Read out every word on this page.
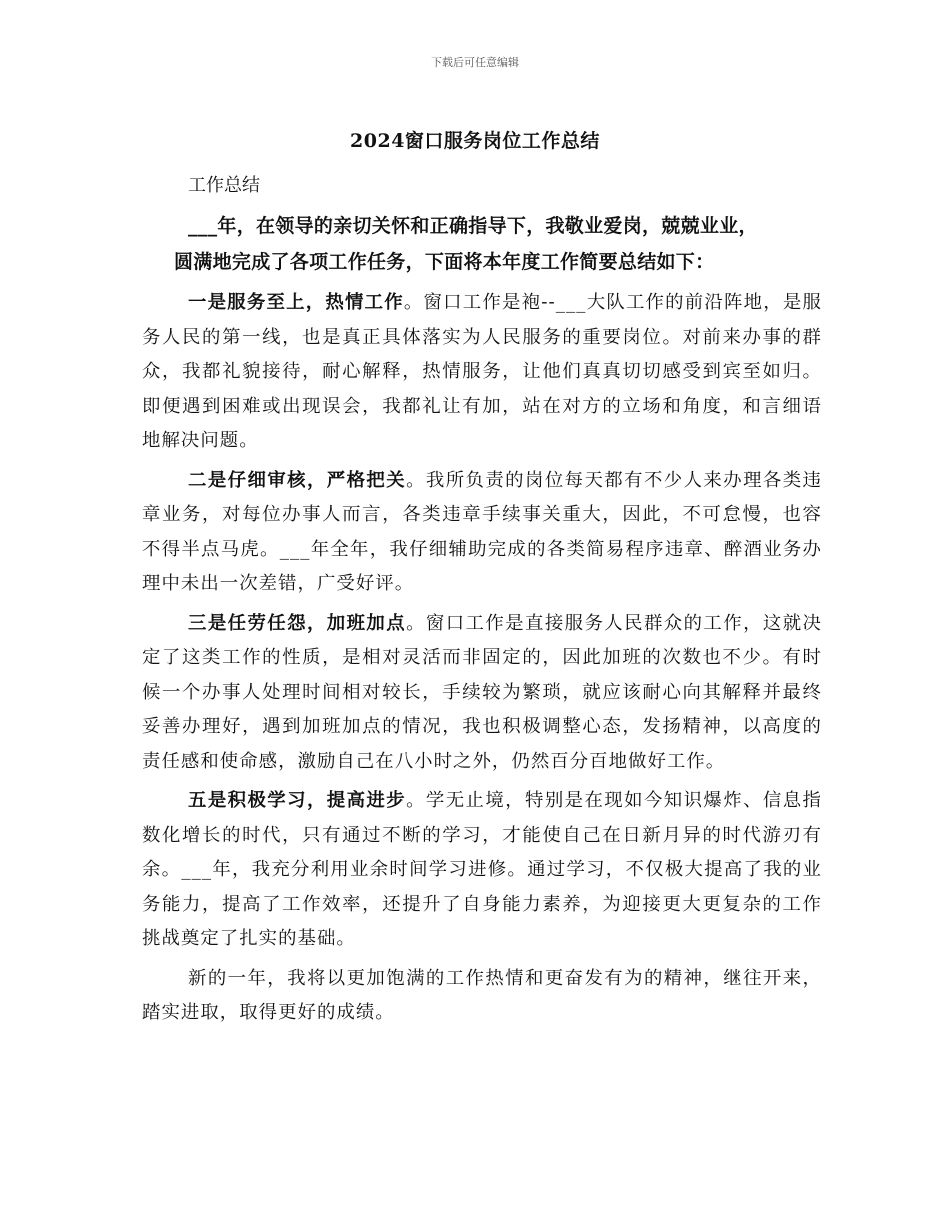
下载后可任意编辑
2024窗口服务岗位工作总结
工作总结
___年，在领导的亲切关怀和正确指导下，我敬业爱岗，兢兢业业，
圆满地完成了各项工作任务，下面将本年度工作简要总结如下：

一是服务至上，热情工作。窗口工作是袍--___大队工作的前沿阵地，是服务人民的第一线，也是真正具体落实为人民服务的重要岗位。对前来办事的群众，我都礼貌接待，耐心解释，热情服务，让他们真真切切感受到宾至如归。即便遇到困难或出现误会，我都礼让有加，站在对方的立场和角度，和言细语地解决问题。

二是仔细审核，严格把关。我所负责的岗位每天都有不少人来办理各类违章业务，对每位办事人而言，各类违章手续事关重大，因此，不可怠慢，也容不得半点马虎。___年全年，我仔细辅助完成的各类简易程序违章、醉酒业务办理中未出一次差错，广受好评。

三是任劳任怨，加班加点。窗口工作是直接服务人民群众的工作，这就决定了这类工作的性质，是相对灵活而非固定的，因此加班的次数也不少。有时候一个办事人处理时间相对较长，手续较为繁琐，就应该耐心向其解释并最终妥善办理好，遇到加班加点的情况，我也积极调整心态，发扬精神，以高度的责任感和使命感，激励自己在八小时之外，仍然百分百地做好工作。

五是积极学习，提高进步。学无止境，特别是在现如今知识爆炸、信息指数化增长的时代，只有通过不断的学习，才能使自己在日新月异的时代游刃有余。___年，我充分利用业余时间学习进修。通过学习，不仅极大提高了我的业务能力，提高了工作效率，还提升了自身能力素养，为迎接更大更复杂的工作挑战奠定了扎实的基础。

新的一年，我将以更加饱满的工作热情和更奋发有为的精神，继往开来，踏实进取，取得更好的成绩。
